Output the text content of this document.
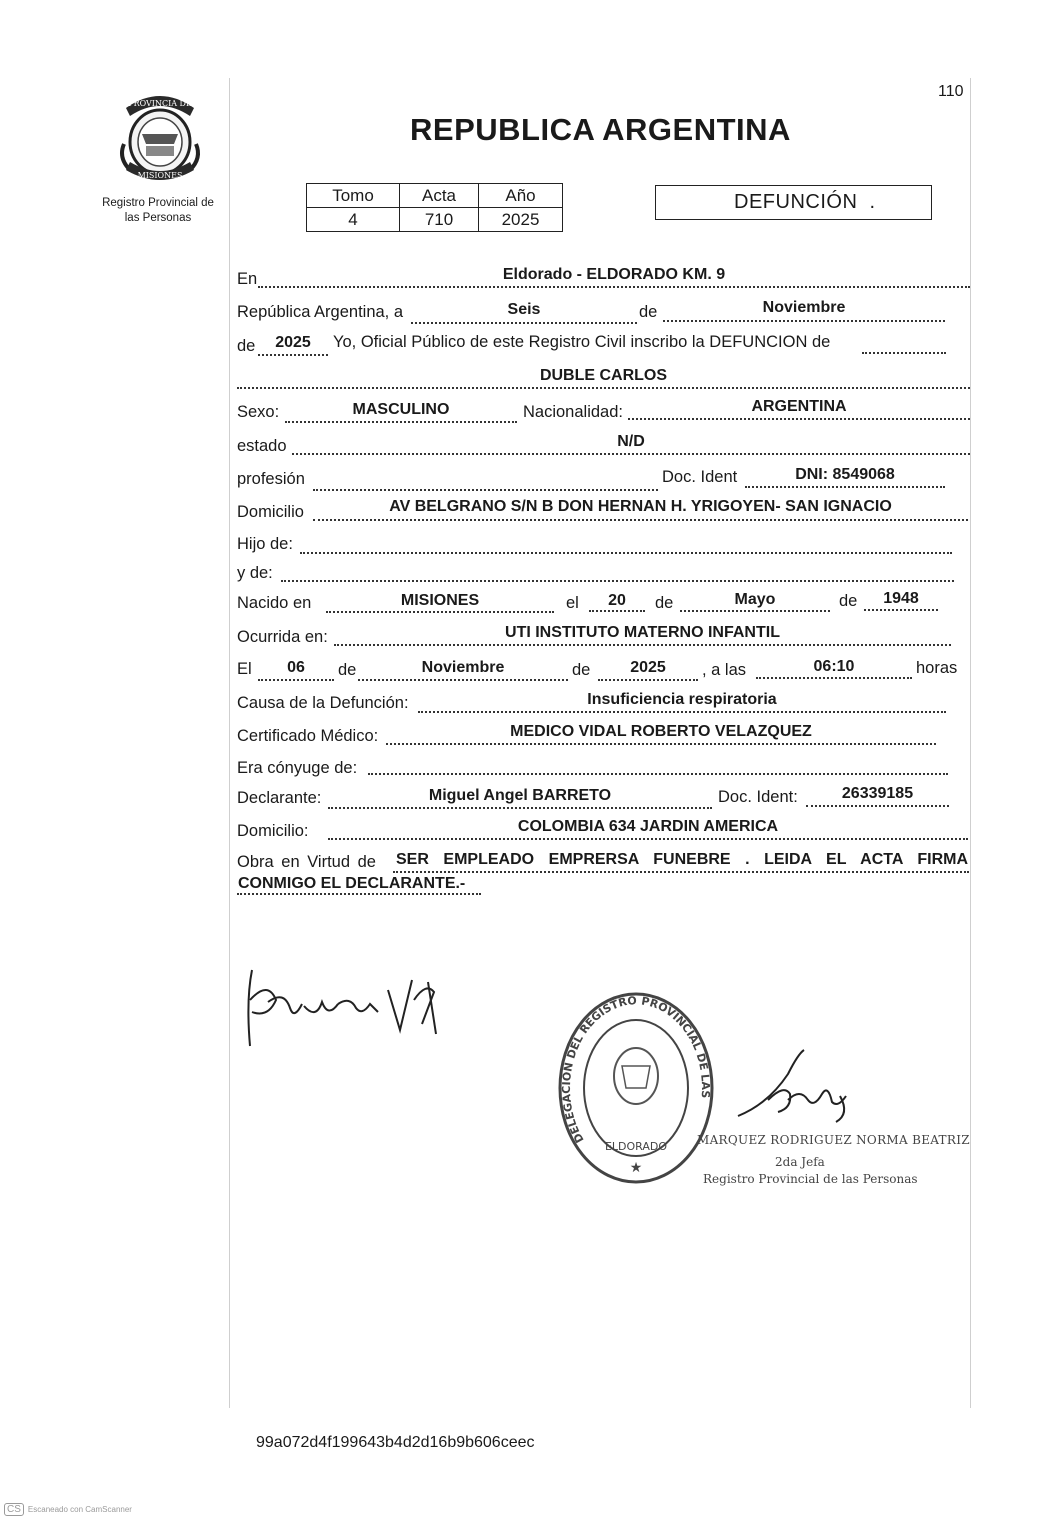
110
PROVINCIA DE
MISIONES
Registro Provincial de
las Personas
REPUBLICA ARGENTINA
Tomo	Acta	Año
4	710	2025
DEFUNCIÓN  .
En	Eldorado - ELDORADO KM. 9
República Argentina, a	Seis	de	Noviembre
de	2025	Yo, Oficial Público de este Registro Civil inscribo la DEFUNCION de
DUBLE CARLOS
Sexo:	MASCULINO	Nacionalidad:	ARGENTINA
estado	N/D
profesión	Doc. Ident	DNI: 8549068
Domicilio	AV BELGRANO S/N B DON HERNAN H. YRIGOYEN- SAN IGNACIO
Hijo de:
y de:
Nacido en	MISIONES	el	20	de	Mayo	de	1948
Ocurrida en:	UTI INSTITUTO MATERNO INFANTIL
El	06	de	Noviembre	de	2025	, a las	06:10	horas
Causa de la Defunción:	Insuficiencia respiratoria
Certificado Médico:	MEDICO VIDAL ROBERTO VELAZQUEZ
Era cónyuge de:
Declarante:	Miguel Angel BARRETO	Doc. Ident:	26339185
Domicilio:	COLOMBIA 634 JARDIN AMERICA
Obra en Virtud de SER EMPLEADO EMPRERSA FUNEBRE . LEIDA EL ACTA FIRMA
CONMIGO EL DECLARANTE.-
DELEGACION DEL REGISTRO PROVINCIAL DE LAS
ELDORADO
★
MARQUEZ RODRIGUEZ NORMA BEATRIZ
2da Jefa
Registro Provincial de las Personas
99a072d4f199643b4d2d16b9b606ceec
CS Escaneado con CamScanner
